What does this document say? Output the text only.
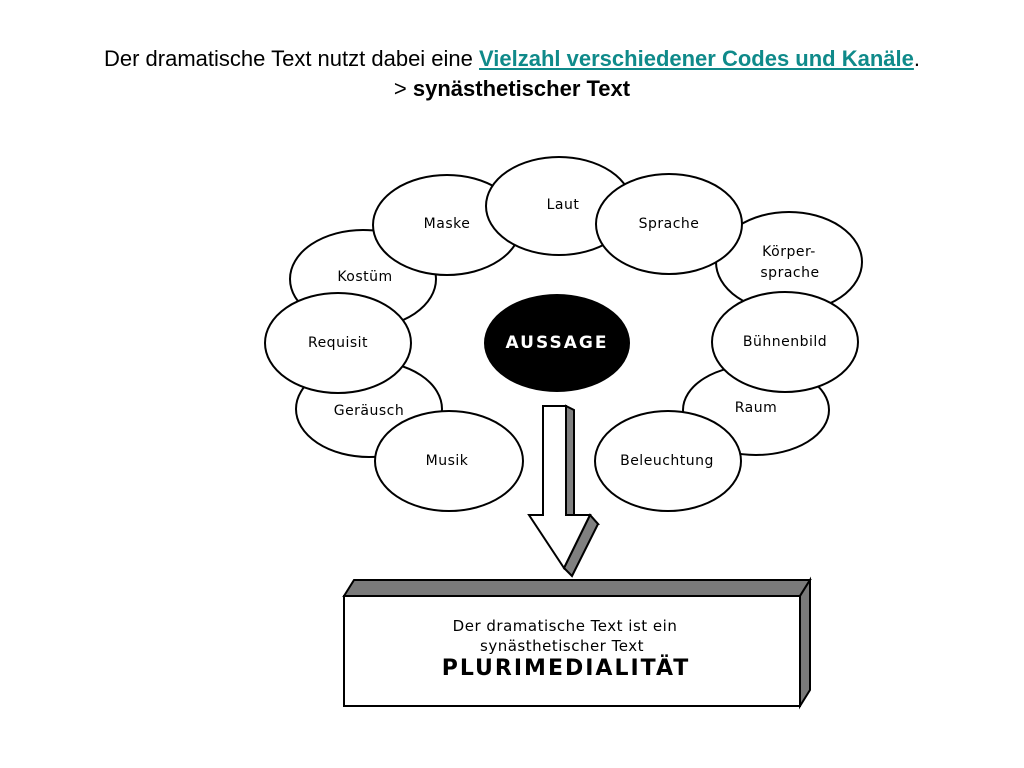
Der dramatische Text nutzt dabei eine Vielzahl verschiedener Codes und Kanäle.
> synästhetischer Text
AUSSAGE
Laut
Maske	Sprache
Körper-
sprache
Kostüm
Requisit	Bühnenbild
Geräusch	Raum
Musik	Beleuchtung
Der dramatische Text ist ein
synästhetischer Text
PLURIMEDIALITÄT
